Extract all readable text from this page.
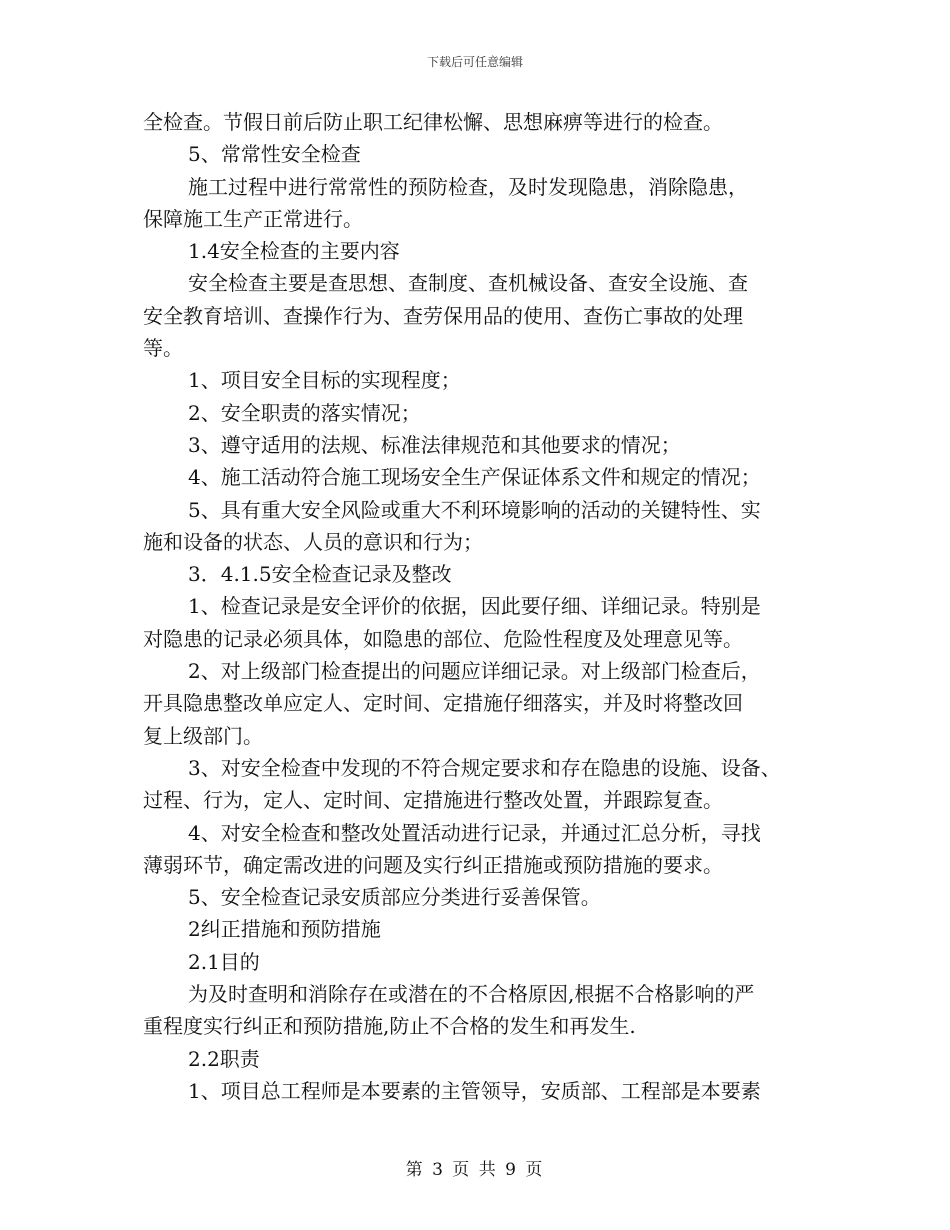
下载后可任意编辑
全检查。节假日前后防止职工纪律松懈、思想麻痹等进行的检查。
5、常常性安全检查
施工过程中进行常常性的预防检查，及时发现隐患，消除隐患，
保障施工生产正常进行。
1.4安全检查的主要内容
安全检查主要是查思想、查制度、查机械设备、查安全设施、查
安全教育培训、查操作行为、查劳保用品的使用、查伤亡事故的处理
等。
1、项目安全目标的实现程度；
2、安全职责的落实情况；
3、遵守适用的法规、标准法律规范和其他要求的情况；
4、施工活动符合施工现场安全生产保证体系文件和规定的情况；
5、具有重大安全风险或重大不利环境影响的活动的关键特性、实
施和设备的状态、人员的意识和行为；
3．4.1.5安全检查记录及整改
1、检查记录是安全评价的依据，因此要仔细、详细记录。特别是
对隐患的记录必须具体，如隐患的部位、危险性程度及处理意见等。
2、对上级部门检查提出的问题应详细记录。对上级部门检查后，
开具隐患整改单应定人、定时间、定措施仔细落实，并及时将整改回
复上级部门。
3、对安全检查中发现的不符合规定要求和存在隐患的设施、设备、
过程、行为，定人、定时间、定措施进行整改处置，并跟踪复查。
4、对安全检查和整改处置活动进行记录，并通过汇总分析，寻找
薄弱环节，确定需改进的问题及实行纠正措施或预防措施的要求。
5、安全检查记录安质部应分类进行妥善保管。
2纠正措施和预防措施
2.1目的
为及时查明和消除存在或潜在的不合格原因,根据不合格影响的严
重程度实行纠正和预防措施,防止不合格的发生和再发生.
2.2职责
1、项目总工程师是本要素的主管领导，安质部、工程部是本要素
第 3 页 共 9 页
